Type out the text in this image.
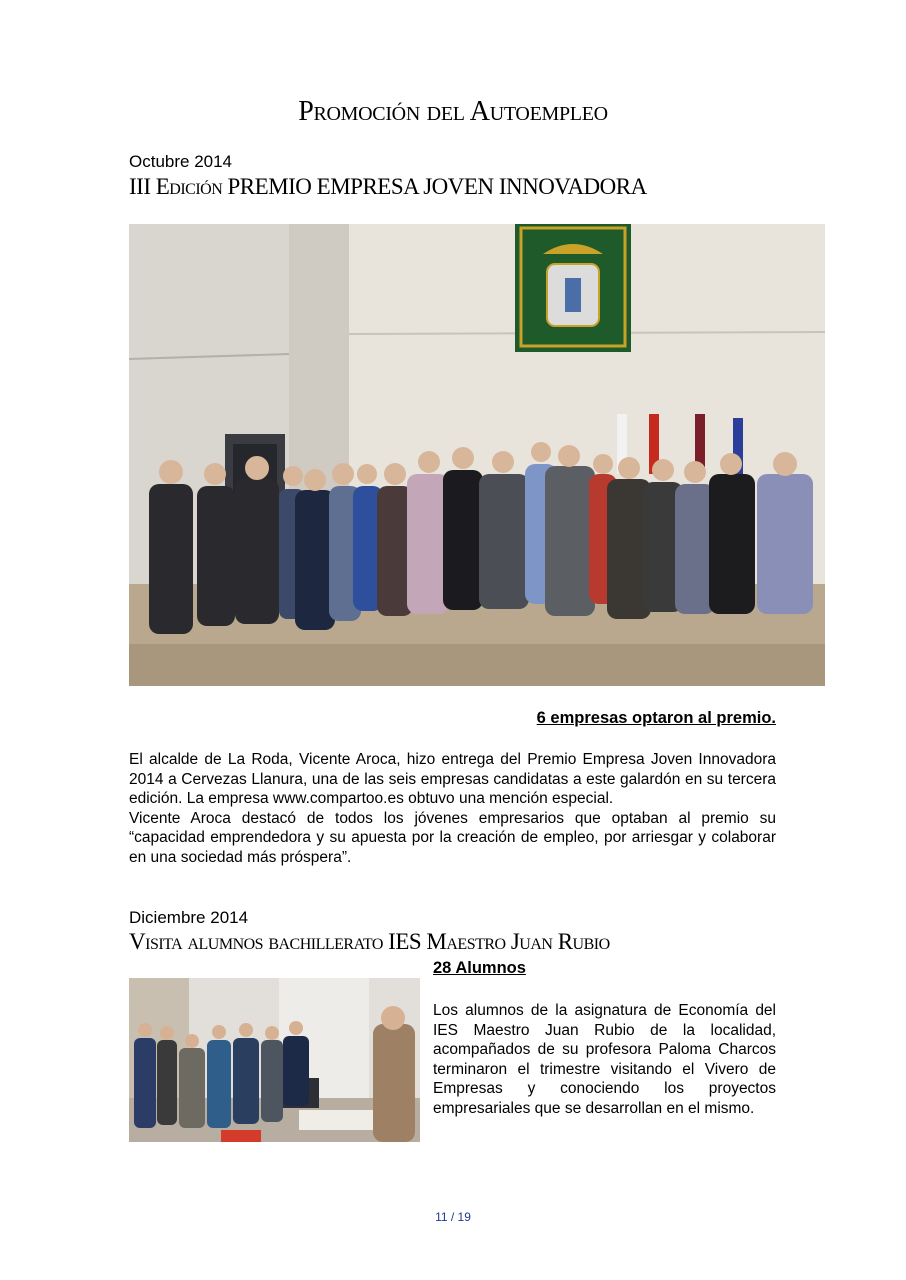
Promoción del Autoempleo
Octubre 2014
III Edición PREMIO EMPRESA JOVEN INNOVADORA
6 empresas optaron al premio.

El alcalde de La Roda, Vicente Aroca, hizo entrega del Premio Empresa Joven Innovadora 2014 a Cervezas Llanura, una de las seis empresas candidatas a este galardón en su tercera edición. La empresa www.compartoo.es obtuvo una mención especial.

Vicente Aroca destacó de todos los jóvenes empresarios que optaban al premio su “capacidad emprendedora y su apuesta por la creación de empleo, por arriesgar y colaborar en una sociedad más próspera”.

Diciembre 2014
Visita alumnos bachillerato IES Maestro Juan Rubio
28 Alumnos

Los alumnos de la asignatura de Economía del IES Maestro Juan Rubio de la localidad, acompañados de su profesora Paloma Charcos terminaron el trimestre visitando el Vivero de Empresas y conociendo los proyectos empresariales que se desarrollan en el mismo.

11 / 19
